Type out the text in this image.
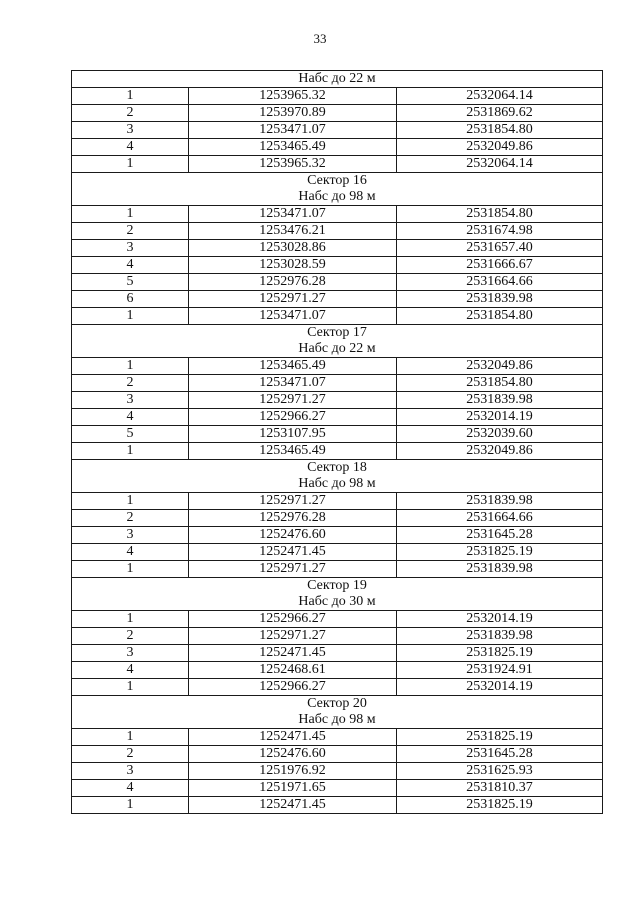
33
Набс до 22 м		
1	1253965.32	2532064.14
2	1253970.89	2531869.62
3	1253471.07	2531854.80
4	1253465.49	2532049.86
1	1253965.32	2532064.14
Сектор 16		
Набс до 98 м		
1	1253471.07	2531854.80
2	1253476.21	2531674.98
3	1253028.86	2531657.40
4	1253028.59	2531666.67
5	1252976.28	2531664.66
6	1252971.27	2531839.98
1	1253471.07	2531854.80
Сектор 17		
Набс до 22 м		
1	1253465.49	2532049.86
2	1253471.07	2531854.80
3	1252971.27	2531839.98
4	1252966.27	2532014.19
5	1253107.95	2532039.60
1	1253465.49	2532049.86
Сектор 18		
Набс до 98 м		
1	1252971.27	2531839.98
2	1252976.28	2531664.66
3	1252476.60	2531645.28
4	1252471.45	2531825.19
1	1252971.27	2531839.98
Сектор 19		
Набс до 30 м		
1	1252966.27	2532014.19
2	1252971.27	2531839.98
3	1252471.45	2531825.19
4	1252468.61	2531924.91
1	1252966.27	2532014.19
Сектор 20		
Набс до 98 м		
1	1252471.45	2531825.19
2	1252476.60	2531645.28
3	1251976.92	2531625.93
4	1251971.65	2531810.37
1	1252471.45	2531825.19
